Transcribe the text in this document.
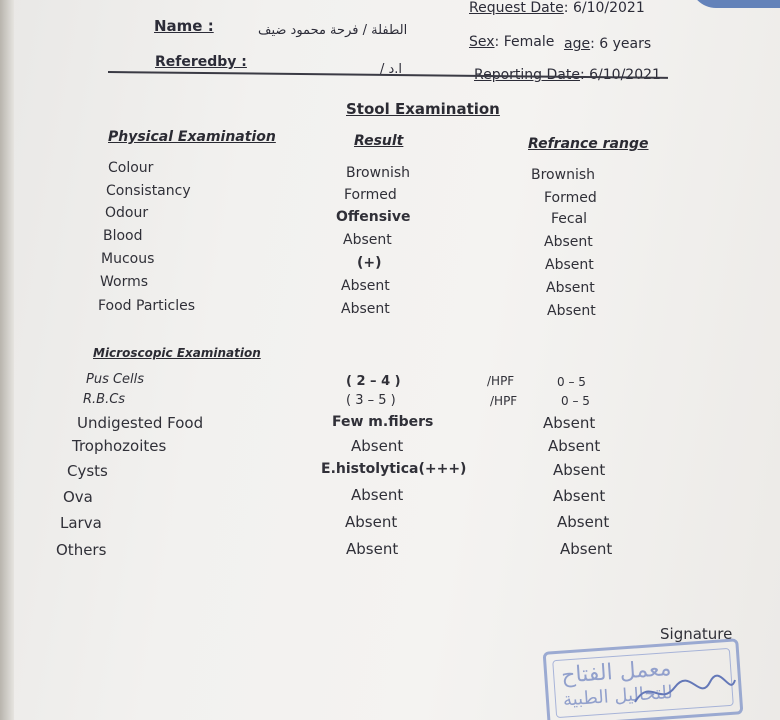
Name :	الطفلة / فرحة محمود ضيف
Request Date: 6/10/2021
Sex: Female age: 6 years
Referedby :	ا.د /	Reporting Date: 6/10/2021
Stool Examination
Physical Examination	Result	Refrance range
Colour	Brownish	Brownish
Consistancy	Formed	Formed
Odour	Offensive	Fecal
Blood	Absent	Absent
Mucous	(+)	Absent
Worms	Absent	Absent
Food Particles	Absent	Absent
Microscopic Examination
Pus Cells	( 2 – 4 )	/HPF	0 – 5
R.B.Cs	( 3 – 5 )	/HPF	0 – 5
Undigested Food	Few m.fibers	Absent
Trophozoites	Absent	Absent
Cysts	E.histolytica(+++)	Absent
Ova	Absent	Absent
Larva	Absent	Absent
Others	Absent	Absent
Signature
معمل الفتاح
للتحاليل الطبية
